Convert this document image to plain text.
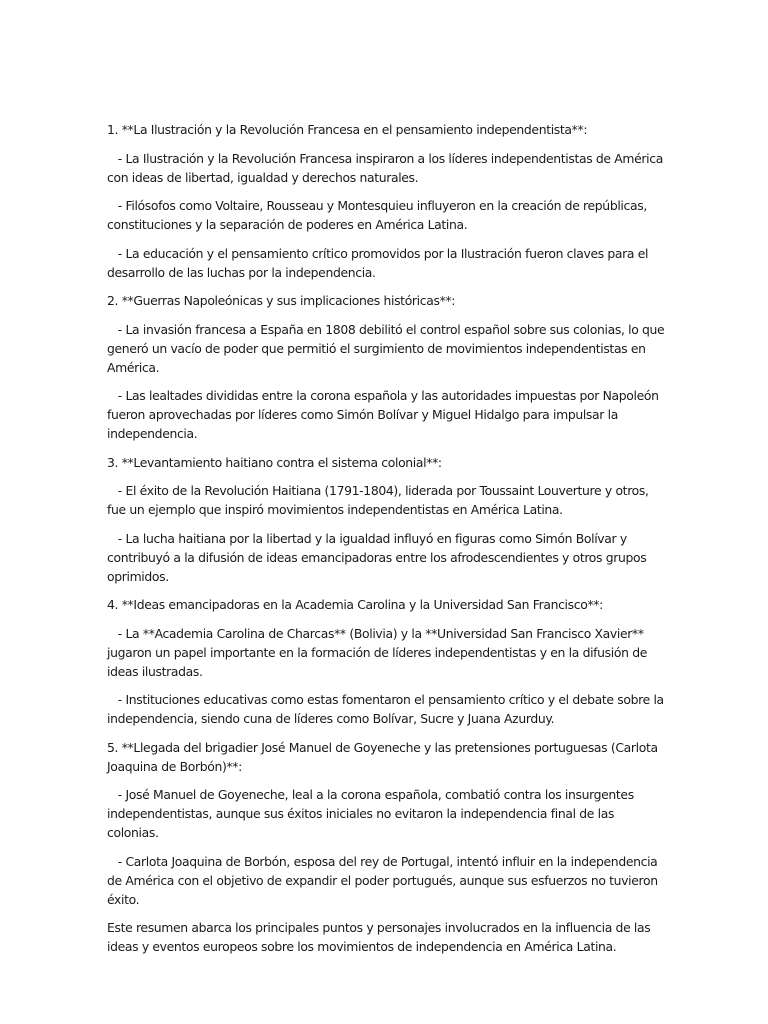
1. **La Ilustración y la Revolución Francesa en el pensamiento independentista**:

- La Ilustración y la Revolución Francesa inspiraron a los líderes independentistas de América con ideas de libertad, igualdad y derechos naturales.

- Filósofos como Voltaire, Rousseau y Montesquieu influyeron en la creación de repúblicas, constituciones y la separación de poderes en América Latina.

- La educación y el pensamiento crítico promovidos por la Ilustración fueron claves para el desarrollo de las luchas por la independencia.

2. **Guerras Napoleónicas y sus implicaciones históricas**:

- La invasión francesa a España en 1808 debilitó el control español sobre sus colonias, lo que generó un vacío de poder que permitió el surgimiento de movimientos independentistas en América.

- Las lealtades divididas entre la corona española y las autoridades impuestas por Napoleón fueron aprovechadas por líderes como Simón Bolívar y Miguel Hidalgo para impulsar la independencia.

3. **Levantamiento haitiano contra el sistema colonial**:

- El éxito de la Revolución Haitiana (1791-1804), liderada por Toussaint Louverture y otros, fue un ejemplo que inspiró movimientos independentistas en América Latina.

- La lucha haitiana por la libertad y la igualdad influyó en figuras como Simón Bolívar y contribuyó a la difusión de ideas emancipadoras entre los afrodescendientes y otros grupos oprimidos.

4. **Ideas emancipadoras en la Academia Carolina y la Universidad San Francisco**:

- La **Academia Carolina de Charcas** (Bolivia) y la **Universidad San Francisco Xavier** jugaron un papel importante en la formación de líderes independentistas y en la difusión de ideas ilustradas.

- Instituciones educativas como estas fomentaron el pensamiento crítico y el debate sobre la independencia, siendo cuna de líderes como Bolívar, Sucre y Juana Azurduy.

5. **Llegada del brigadier José Manuel de Goyeneche y las pretensiones portuguesas (Carlota Joaquina de Borbón)**:

- José Manuel de Goyeneche, leal a la corona española, combatió contra los insurgentes independentistas, aunque sus éxitos iniciales no evitaron la independencia final de las colonias.

- Carlota Joaquina de Borbón, esposa del rey de Portugal, intentó influir en la independencia de América con el objetivo de expandir el poder portugués, aunque sus esfuerzos no tuvieron éxito.

Este resumen abarca los principales puntos y personajes involucrados en la influencia de las ideas y eventos europeos sobre los movimientos de independencia en América Latina.
